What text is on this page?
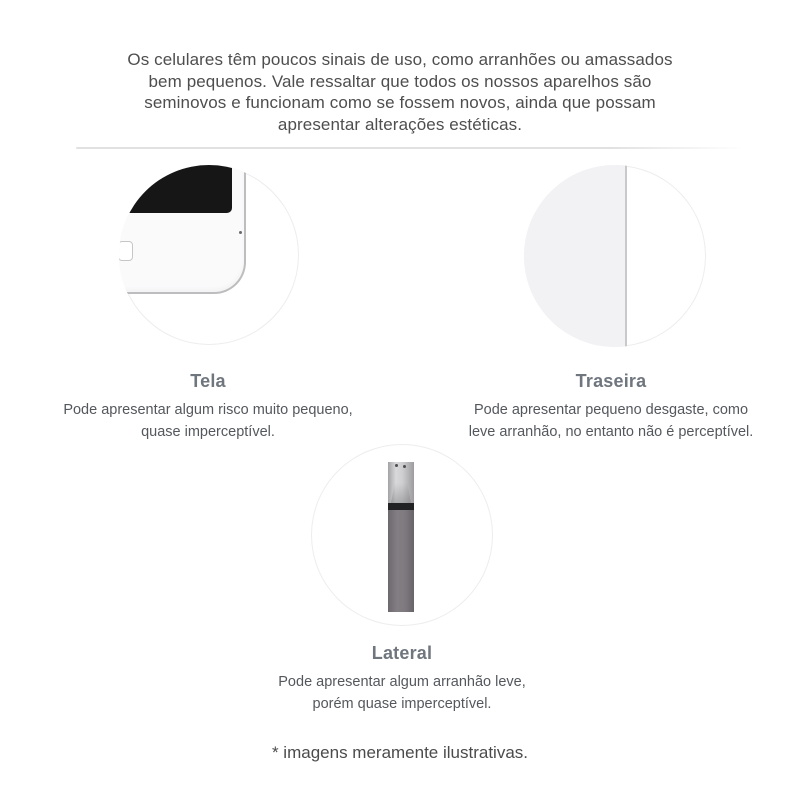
Os celulares têm poucos sinais de uso, como arranhões ou amassados
bem pequenos. Vale ressaltar que todos os nossos aparelhos são
seminovos e funcionam como se fossem novos, ainda que possam
apresentar alterações estéticas.
Tela
Pode apresentar algum risco muito pequeno,
quase imperceptível.
Traseira
Pode apresentar pequeno desgaste, como
leve arranhão, no entanto não é perceptível.
Lateral
Pode apresentar algum arranhão leve,
porém quase imperceptível.
* imagens meramente ilustrativas.
